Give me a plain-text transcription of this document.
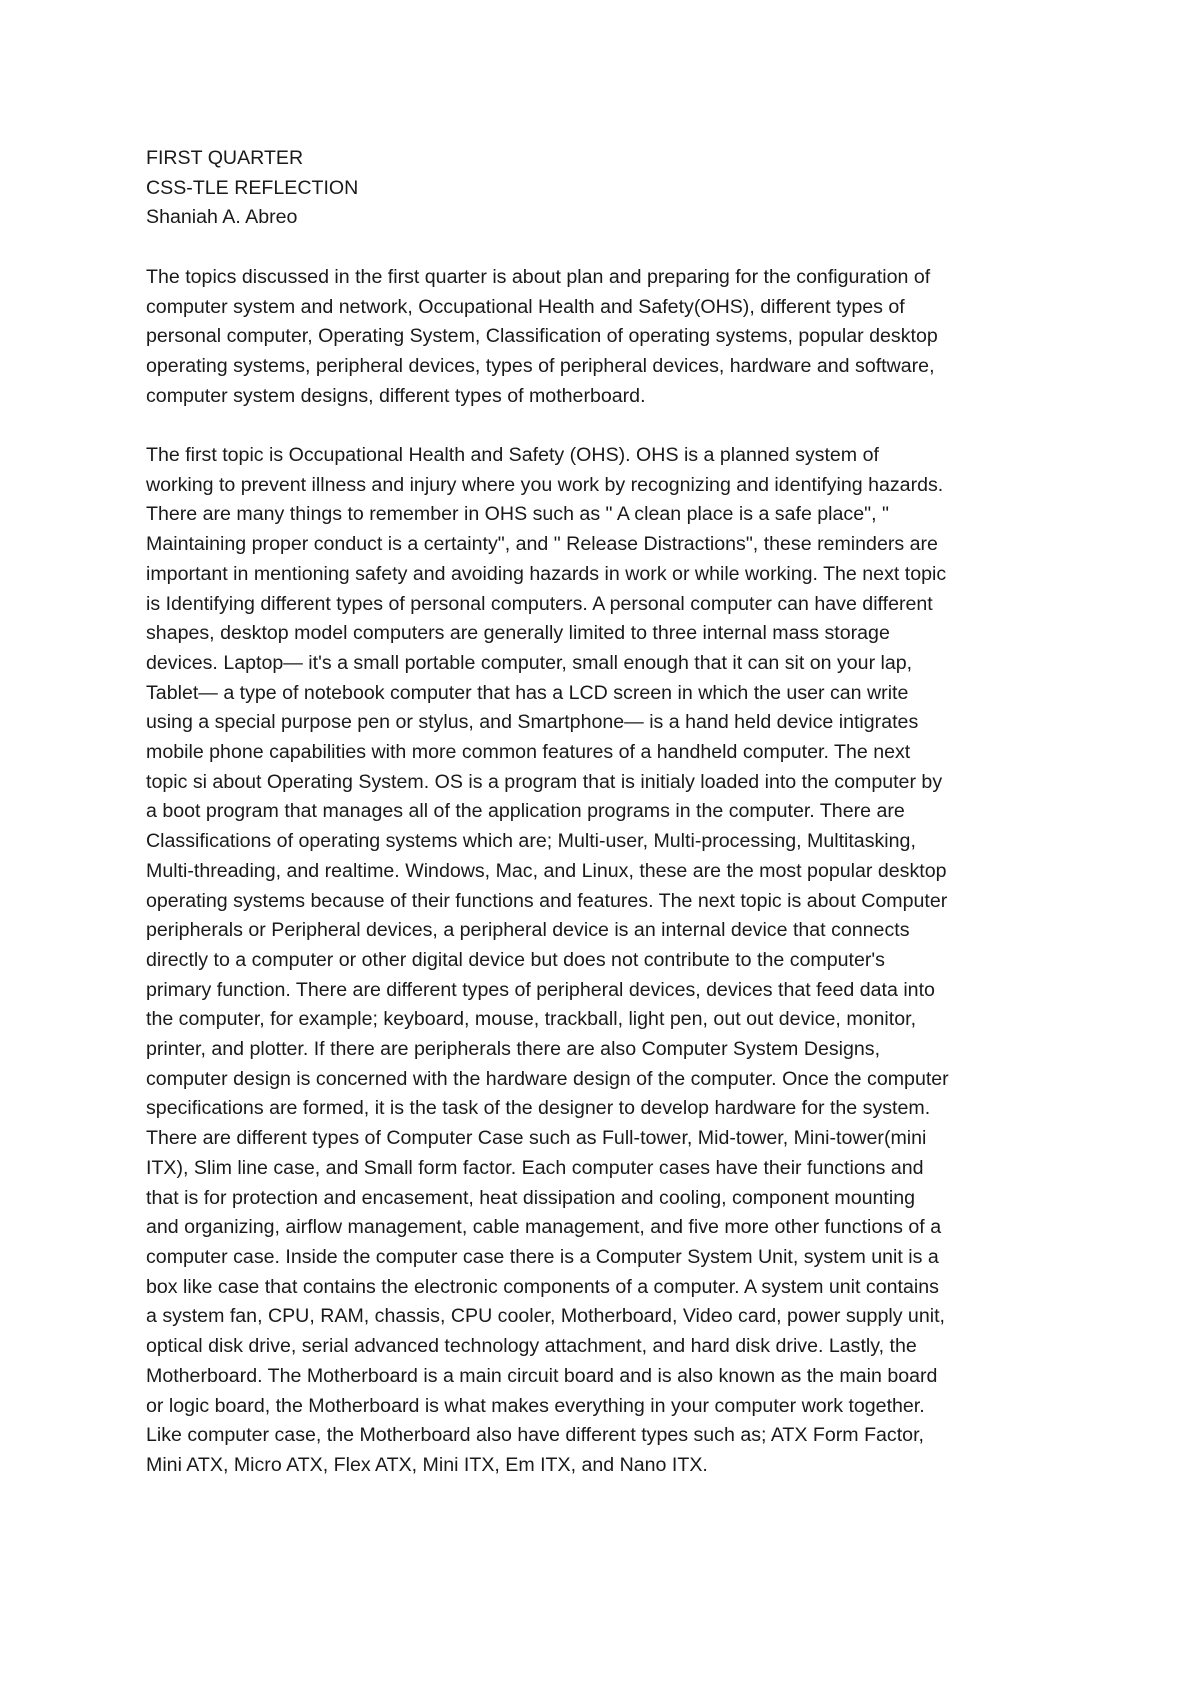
FIRST QUARTER
CSS-TLE REFLECTION
Shaniah A. Abreo
The topics discussed in the first quarter is about plan and preparing for the configuration of
computer system and network, Occupational Health and Safety(OHS), different types of
personal computer, Operating System, Classification of operating systems, popular desktop
operating systems, peripheral devices, types of peripheral devices, hardware and software,
computer system designs, different types of motherboard.
The first topic is Occupational Health and Safety (OHS). OHS is a planned system of
working to prevent illness and injury where you work by recognizing and identifying hazards.
There are many things to remember in OHS such as " A clean place is a safe place", "
Maintaining proper conduct is a certainty", and " Release Distractions", these reminders are
important in mentioning safety and avoiding hazards in work or while working. The next topic
is Identifying different types of personal computers. A personal computer can have different
shapes, desktop model computers are generally limited to three internal mass storage
devices. Laptop— it's a small portable computer, small enough that it can sit on your lap,
Tablet— a type of notebook computer that has a LCD screen in which the user can write
using a special purpose pen or stylus, and Smartphone— is a hand held device intigrates
mobile phone capabilities with more common features of a handheld computer. The next
topic si about Operating System. OS is a program that is initialy loaded into the computer by
a boot program that manages all of the application programs in the computer. There are
Classifications of operating systems which are; Multi-user, Multi-processing, Multitasking,
Multi-threading, and realtime. Windows, Mac, and Linux, these are the most popular desktop
operating systems because of their functions and features. The next topic is about Computer
peripherals or Peripheral devices, a peripheral device is an internal device that connects
directly to a computer or other digital device but does not contribute to the computer's
primary function. There are different types of peripheral devices, devices that feed data into
the computer, for example; keyboard, mouse, trackball, light pen, out out device, monitor,
printer, and plotter. If there are peripherals there are also Computer System Designs,
computer design is concerned with the hardware design of the computer. Once the computer
specifications are formed, it is the task of the designer to develop hardware for the system.
There are different types of Computer Case such as Full-tower, Mid-tower, Mini-tower(mini
ITX), Slim line case, and Small form factor. Each computer cases have their functions and
that is for protection and encasement, heat dissipation and cooling, component mounting
and organizing, airflow management, cable management, and five more other functions of a
computer case. Inside the computer case there is a Computer System Unit, system unit is a
box like case that contains the electronic components of a computer. A system unit contains
a system fan, CPU, RAM, chassis, CPU cooler, Motherboard, Video card, power supply unit,
optical disk drive, serial advanced technology attachment, and hard disk drive. Lastly, the
Motherboard. The Motherboard is a main circuit board and is also known as the main board
or logic board, the Motherboard is what makes everything in your computer work together.
Like computer case, the Motherboard also have different types such as; ATX Form Factor,
Mini ATX, Micro ATX, Flex ATX, Mini ITX, Em ITX, and Nano ITX.
